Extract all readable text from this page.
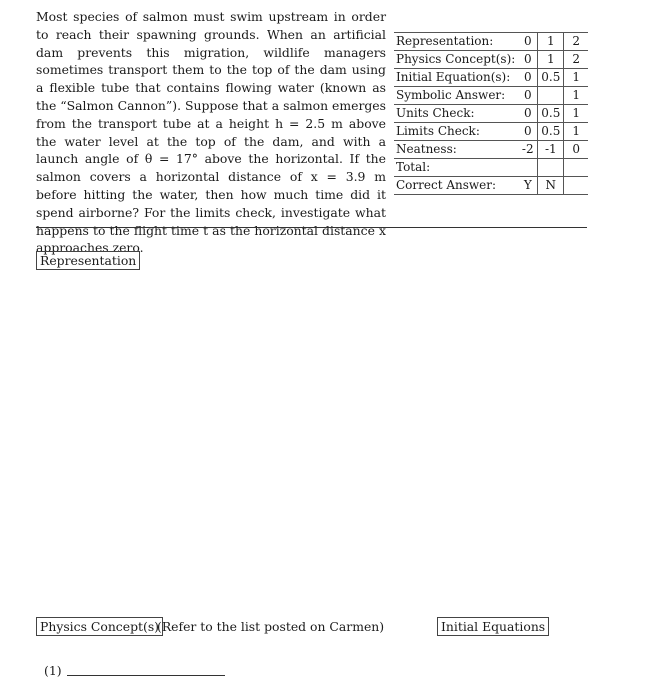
Most species of salmon must swim upstream in order to reach their spawning grounds. When an artificial dam prevents this migration, wildlife managers sometimes transport them to the top of the dam using a flexible tube that contains flowing water (known as the “Salmon Cannon”). Suppose that a salmon emerges from the transport tube at a height h = 2.5 m above the water level at the top of the dam, and with a launch angle of θ = 17° above the horizontal. If the salmon covers a horizontal distance of x = 3.9 m before hitting the water, then how much time did it spend airborne? For the limits check, investigate what happens to the flight time t as the horizontal distance x approaches zero.
Representation:	0	1	2
Physics Concept(s):	0	1	2
Initial Equation(s):	0	0.5	1
Symbolic Answer:	0		1
Units Check:	0	0.5	1
Limits Check:	0	0.5	1
Neatness:	-2	-1	0
Total:			
Correct Answer:	Y	N	
Representation
Physics Concept(s)
(Refer to the list posted on Carmen)	Initial Equations
(1)
